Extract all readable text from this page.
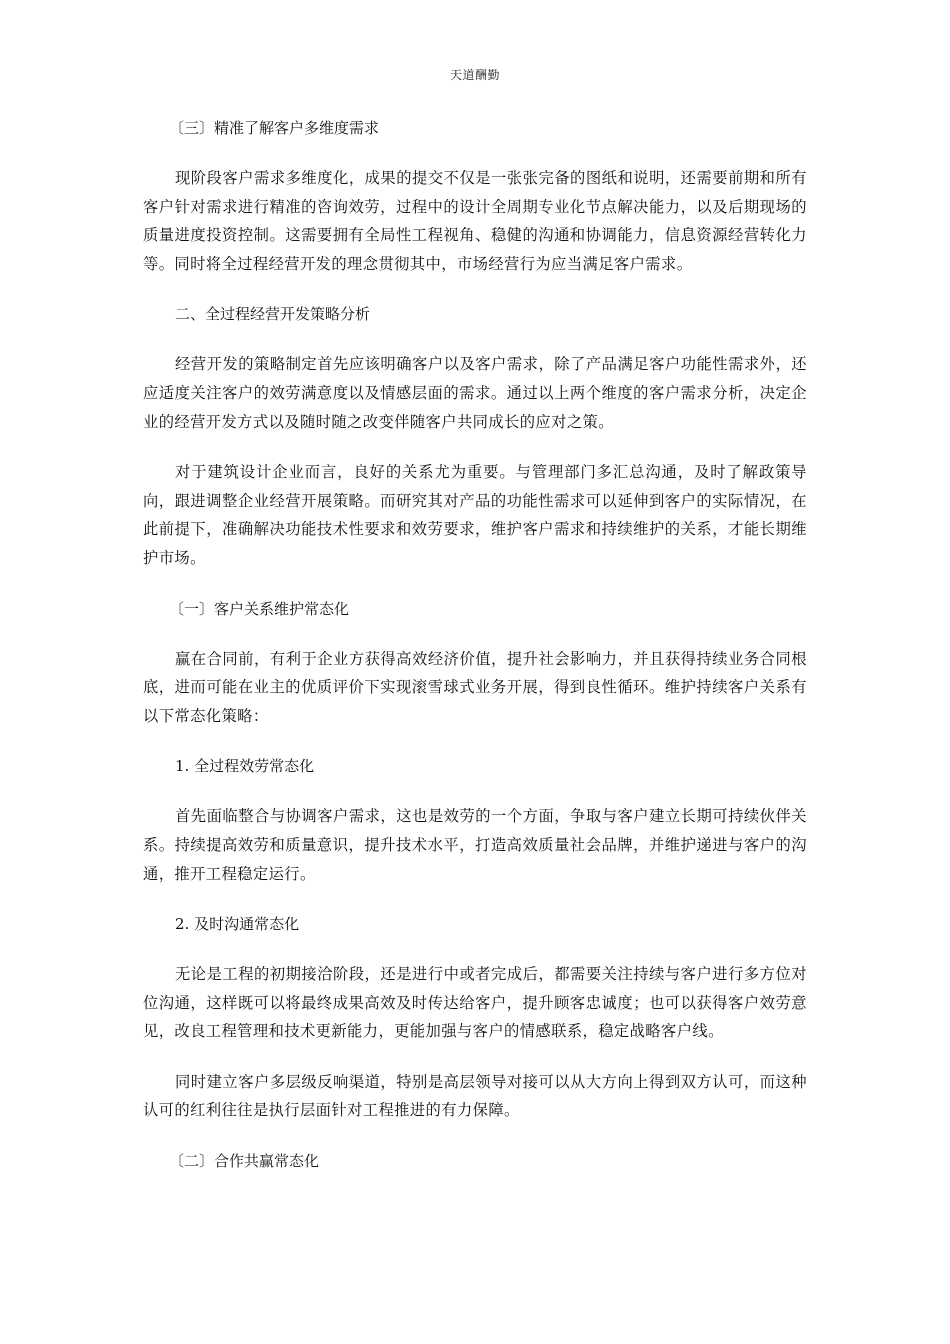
天道酬勤
〔三〕精准了解客户多维度需求

现阶段客户需求多维度化，成果的提交不仅是一张张完备的图纸和说明，还需要前期和所有客户针对需求进行精准的咨询效劳，过程中的设计全周期专业化节点解决能力，以及后期现场的质量进度投资控制。这需要拥有全局性工程视角、稳健的沟通和协调能力，信息资源经营转化力等。同时将全过程经营开发的理念贯彻其中，市场经营行为应当满足客户需求。

二、全过程经营开发策略分析

经营开发的策略制定首先应该明确客户以及客户需求，除了产品满足客户功能性需求外，还应适度关注客户的效劳满意度以及情感层面的需求。通过以上两个维度的客户需求分析，决定企业的经营开发方式以及随时随之改变伴随客户共同成长的应对之策。

对于建筑设计企业而言，良好的关系尤为重要。与管理部门多汇总沟通，及时了解政策导向，跟进调整企业经营开展策略。而研究其对产品的功能性需求可以延伸到客户的实际情况，在此前提下，准确解决功能技术性要求和效劳要求，维护客户需求和持续维护的关系，才能长期维护市场。

〔一〕客户关系维护常态化

赢在合同前，有利于企业方获得高效经济价值，提升社会影响力，并且获得持续业务合同根底，进而可能在业主的优质评价下实现滚雪球式业务开展，得到良性循环。维护持续客户关系有以下常态化策略：

1. 全过程效劳常态化

首先面临整合与协调客户需求，这也是效劳的一个方面，争取与客户建立长期可持续伙伴关系。持续提高效劳和质量意识，提升技术水平，打造高效质量社会品牌，并维护递进与客户的沟通，推开工程稳定运行。

2. 及时沟通常态化

无论是工程的初期接洽阶段，还是进行中或者完成后，都需要关注持续与客户进行多方位对位沟通，这样既可以将最终成果高效及时传达给客户，提升顾客忠诚度；也可以获得客户效劳意见，改良工程管理和技术更新能力，更能加强与客户的情感联系，稳定战略客户线。

同时建立客户多层级反响渠道，特别是高层领导对接可以从大方向上得到双方认可，而这种认可的红利往往是执行层面针对工程推进的有力保障。

〔二〕合作共赢常态化
